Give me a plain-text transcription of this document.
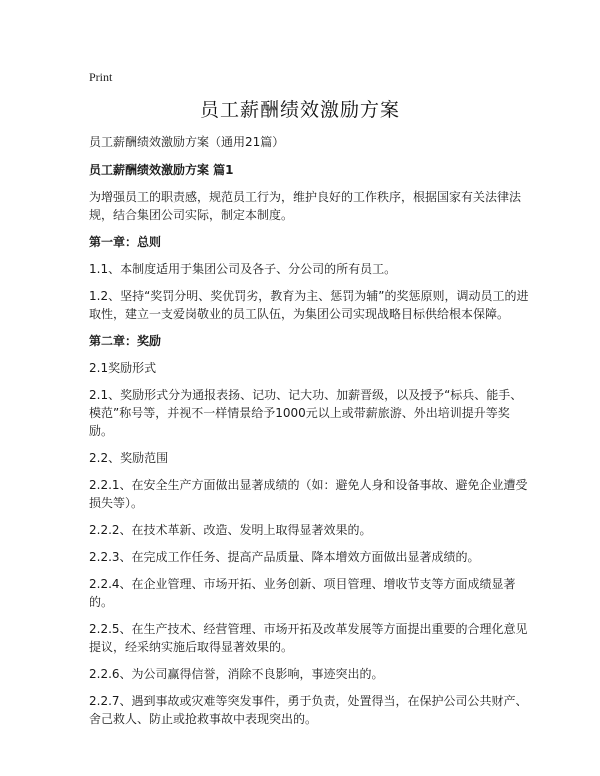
Print
员工薪酬绩效激励方案

员工薪酬绩效激励方案（通用21篇）

员工薪酬绩效激励方案 篇1

为增强员工的职责感，规范员工行为，维护良好的工作秩序，根据国家有关法律法规，结合集团公司实际，制定本制度。

第一章：总则

1.1、本制度适用于集团公司及各子、分公司的所有员工。

1.2、坚持“奖罚分明、奖优罚劣，教育为主、惩罚为辅”的奖惩原则，调动员工的进取性，建立一支爱岗敬业的员工队伍，为集团公司实现战略目标供给根本保障。

第二章：奖励

2.1奖励形式

2.1、奖励形式分为通报表扬、记功、记大功、加薪晋级，以及授予“标兵、能手、模范”称号等，并视不一样情景给予1000元以上或带薪旅游、外出培训提升等奖励。

2.2、奖励范围

2.2.1、在安全生产方面做出显著成绩的（如：避免人身和设备事故、避免企业遭受损失等）。

2.2.2、在技术革新、改造、发明上取得显著效果的。

2.2.3、在完成工作任务、提高产品质量、降本增效方面做出显著成绩的。

2.2.4、在企业管理、市场开拓、业务创新、项目管理、增收节支等方面成绩显著的。

2.2.5、在生产技术、经营管理、市场开拓及改革发展等方面提出重要的合理化意见提议，经采纳实施后取得显著效果的。

2.2.6、为公司赢得信誉，消除不良影响，事迹突出的。

2.2.7、遇到事故或灾难等突发事件，勇于负责，处置得当，在保护公司公共财产、舍己救人、防止或抢救事故中表现突出的。
